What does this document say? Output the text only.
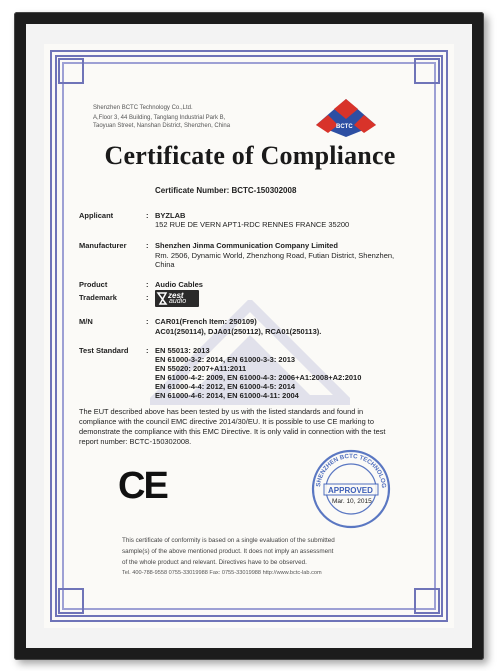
Shenzhen BCTC Technology Co.,Ltd.
A,Floor 3, 44 Building, Tanglang Industrial Park B,
Taoyuan Street, Nanshan District, Shenzhen, China	BCTC
Certificate of Compliance
Certificate Number: BCTC-150302008
Applicant	: BYZLAB
152 RUE DE VERN APT1-RDC RENNES FRANCE 35200
Manufacturer	: Shenzhen Jinma Communication Company Limited
Rm. 2506, Dynamic World, Zhenzhong Road, Futian District, Shenzhen,
China
Product	: Audio Cables
Trademark	: zest
audio
M/N	: CAR01(French Item: 250109)
AC01(250114), DJA01(250112), RCA01(250113).
Test Standard : EN 55013: 2013
EN 61000-3-2: 2014, EN 61000-3-3: 2013
EN 55020: 2007+A11:2011
EN 61000-4-2: 2009, EN 61000-4-3: 2006+A1:2008+A2:2010
EN 61000-4-4: 2012, EN 61000-4-5: 2014
EN 61000-4-6: 2014, EN 61000-4-11: 2004
The EUT described above has been tested by us with the listed standards and found in
compliance with the council EMC directive 2014/30/EU. It is possible to use CE marking to
demonstrate the compliance with this EMC Directive. It is only valid in connection with the test
report number: BCTC-150302008.
CE	SHENZHEN BCTC TECHNOLOG
APPROVED
Mar. 10, 2015
This certificate of conformity is based on a single evaluation of the submitted
sample(s) of the above mentioned product. It does not imply an assessment
of the whole product and relevant. Directives have to be observed.
Tel. 400-788-9558 0755-33019988 Fax: 0755-33019988 http://www.bctc-lab.com
